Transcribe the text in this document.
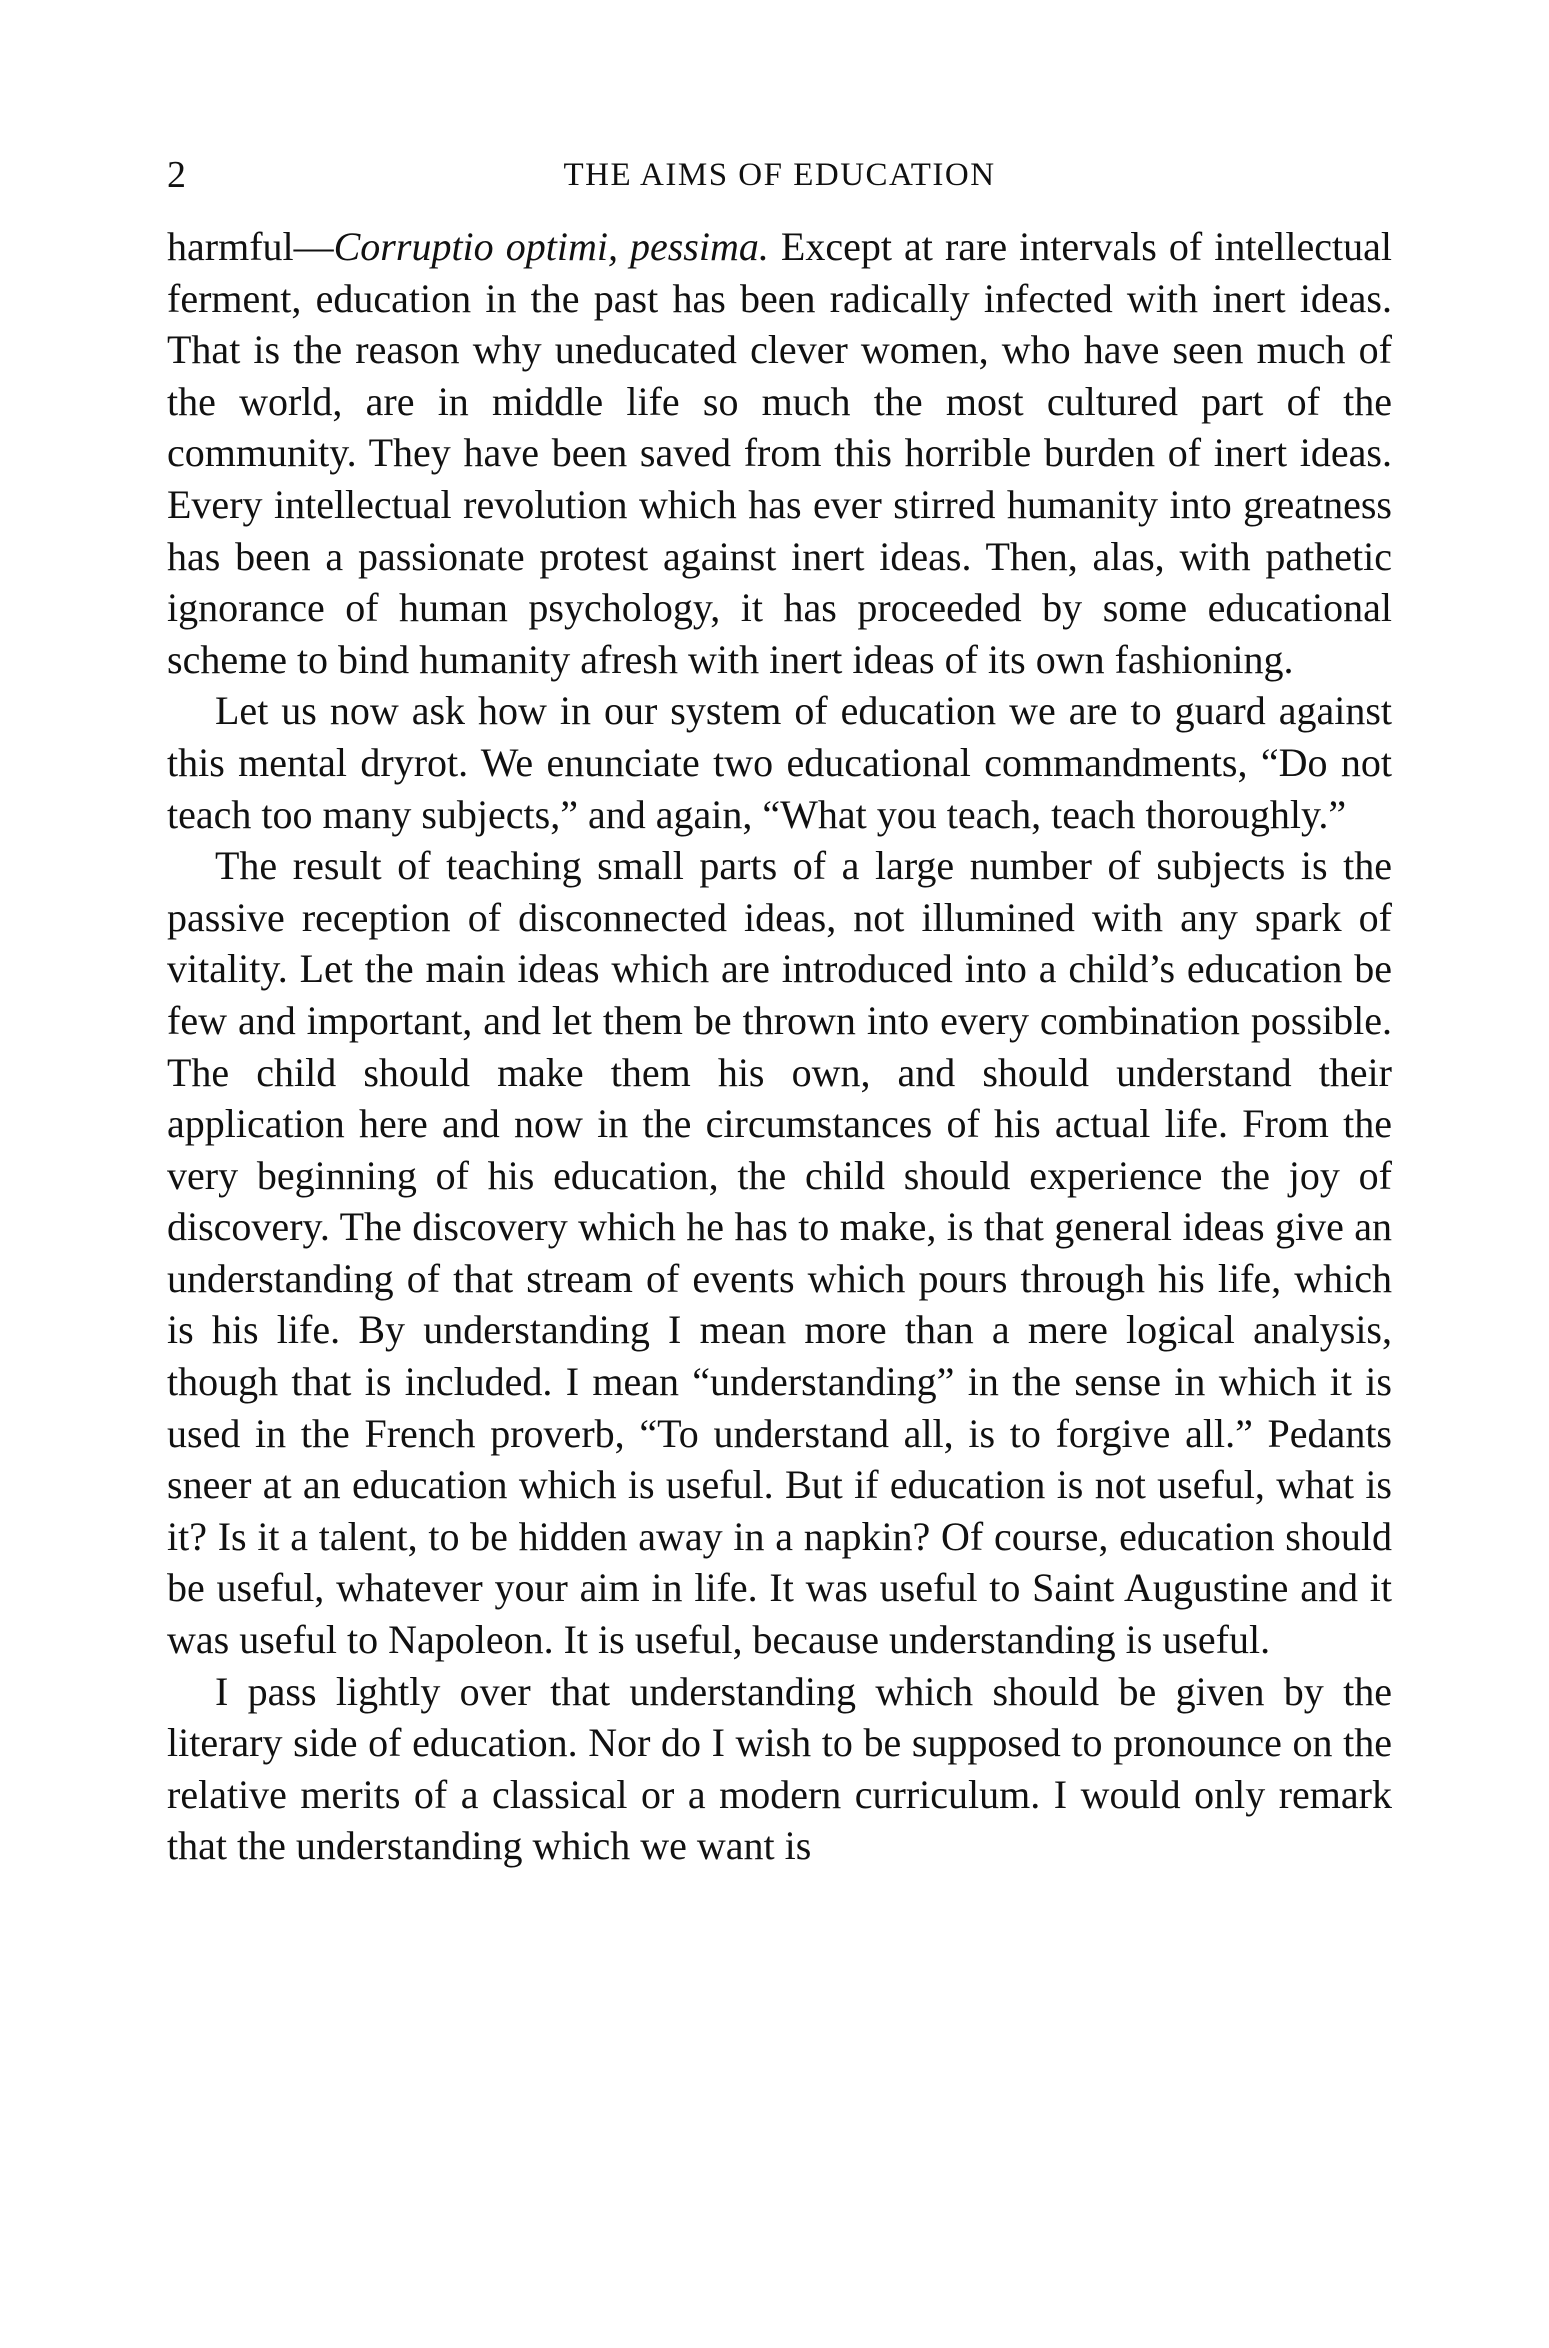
2	THE AIMS OF EDUCATION

harmful—Corruptio optimi, pessima. Except at rare intervals of intellectual ferment, education in the past has been radically infected with inert ideas. That is the reason why uneducated clever women, who have seen much of the world, are in middle life so much the most cultured part of the community. They have been saved from this horrible burden of inert ideas. Every intellectual revolution which has ever stirred humanity into greatness has been a passionate protest against inert ideas. Then, alas, with pathetic ignorance of human psychology, it has proceeded by some educational scheme to bind humanity afresh with inert ideas of its own fashioning.

Let us now ask how in our system of education we are to guard against this mental dryrot. We enunciate two educational commandments, “Do not teach too many subjects,” and again, “What you teach, teach thoroughly.”

The result of teaching small parts of a large number of subjects is the passive reception of disconnected ideas, not illumined with any spark of vitality. Let the main ideas which are introduced into a child’s education be few and important, and let them be thrown into every combination possible. The child should make them his own, and should understand their application here and now in the circumstances of his actual life. From the very beginning of his education, the child should experience the joy of discovery. The discovery which he has to make, is that general ideas give an understanding of that stream of events which pours through his life, which is his life. By understanding I mean more than a mere logical analysis, though that is included. I mean “understanding” in the sense in which it is used in the French proverb, “To understand all, is to forgive all.” Pedants sneer at an education which is useful. But if education is not useful, what is it? Is it a talent, to be hidden away in a napkin? Of course, education should be useful, whatever your aim in life. It was useful to Saint Augustine and it was useful to Napoleon. It is useful, because understanding is useful.

I pass lightly over that understanding which should be given by the literary side of education. Nor do I wish to be supposed to pronounce on the relative merits of a classical or a modern curriculum. I would only remark that the understanding which we want is
